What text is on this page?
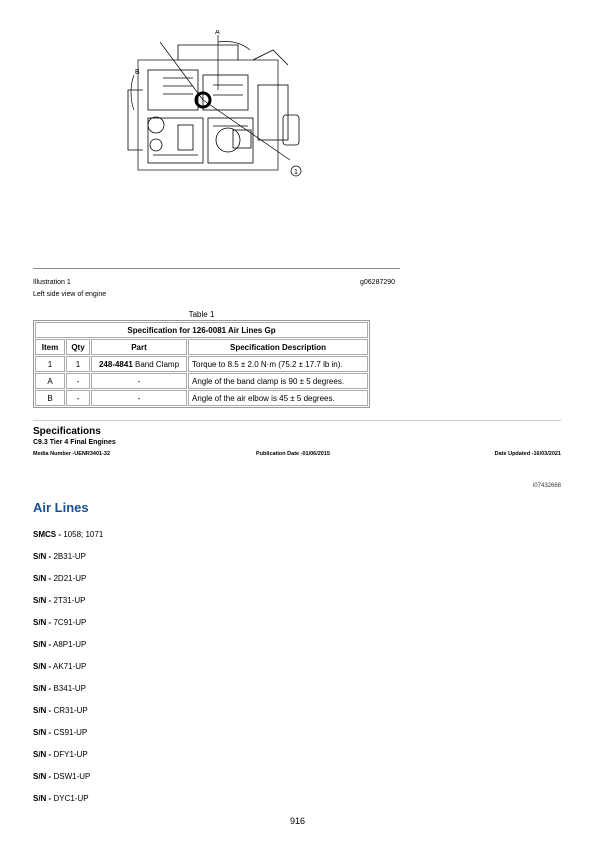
B
A
1
Illustration 1	g06287290
Left side view of engine
Table 1
Specification for 126-0081 Air Lines Gp			
Item	Qty	Part	Specification Description
1	1	248-4841 Band Clamp	Torque to 8.5 ± 2.0 N·m (75.2 ± 17.7 lb in).
A	-	-	Angle of the band clamp is 90 ± 5 degrees.
B	-	-	Angle of the air elbow is 45 ± 5 degrees.
Specifications
C9.3 Tier 4 Final Engines
Media Number -UENR3401-32	Publication Date -01/06/2015	Date Updated -16/03/2021
i07432668
Air Lines
SMCS - 1058; 1071
S/N - 2B31-UP
S/N - 2D21-UP
S/N - 2T31-UP
S/N - 7C91-UP
S/N - A8P1-UP
S/N - AK71-UP
S/N - B341-UP
S/N - CR31-UP
S/N - CS91-UP
S/N - DFY1-UP
S/N - DSW1-UP
S/N - DYC1-UP
916
